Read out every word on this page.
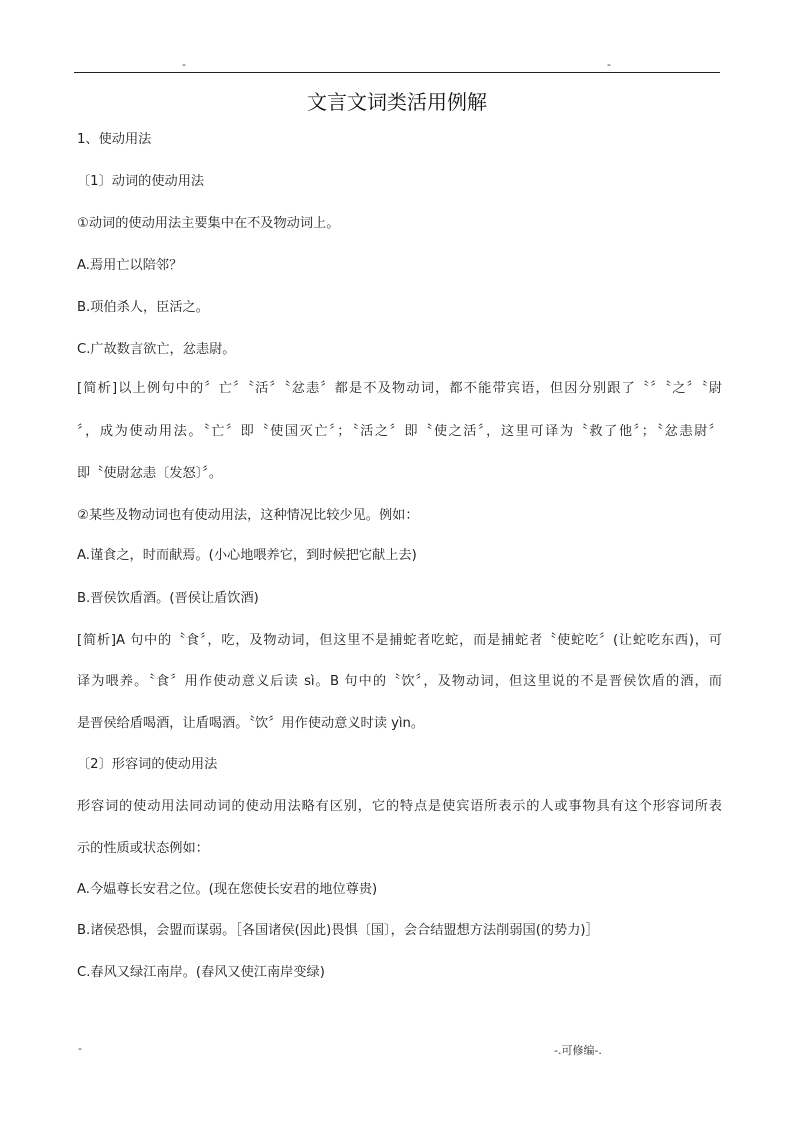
-	-
文言文词类活用例解
1、使动用法
〔1〕动词的使动用法
①动词的使动用法主要集中在不及物动词上。
A.焉用亡以陪邻？
B.项伯杀人，臣活之。
C.广故数言欲亡，忿恚尉。
[简析]以上例句中的〞亡〞〝活〞〝忿恚〞都是不及物动词，都不能带宾语，但因分别跟了〝〞〝之〞〝尉
〞，成为使动用法。〝亡〞即〝使国灭亡〞；〝活之〞即〝使之活〞，这里可译为〝救了他〞；〝忿恚尉〞
即〝使尉忿恚〔发怒〕〞。
②某些及物动词也有使动用法，这种情况比较少见。例如：
A.谨食之，时而献焉。(小心地喂养它，到时候把它献上去)
B.晋侯饮盾酒。(晋侯让盾饮酒)
[简析]A 句中的〝食〞，吃，及物动词，但这里不是捕蛇者吃蛇，而是捕蛇者〝使蛇吃〞(让蛇吃东西)，可
译为喂养。〝食〞用作使动意义后读 sì。B 句中的〝饮〞，及物动词，但这里说的不是晋侯饮盾的酒，而
是晋侯给盾喝酒，让盾喝酒。〝饮〞用作使动意义时读 yìn。
〔2〕形容词的使动用法
形容词的使动用法同动词的使动用法略有区别，它的特点是使宾语所表示的人或事物具有这个形容词所表
示的性质或状态例如：
A.今媪尊长安君之位。(现在您使长安君的地位尊贵)
B.诸侯恐惧，会盟而谋弱。［各国诸侯(因此)畏惧〔国〕，会合结盟想方法削弱国(的势力)］
C.春风又绿江南岸。(春风又使江南岸变绿)
-	-.可修编-.
